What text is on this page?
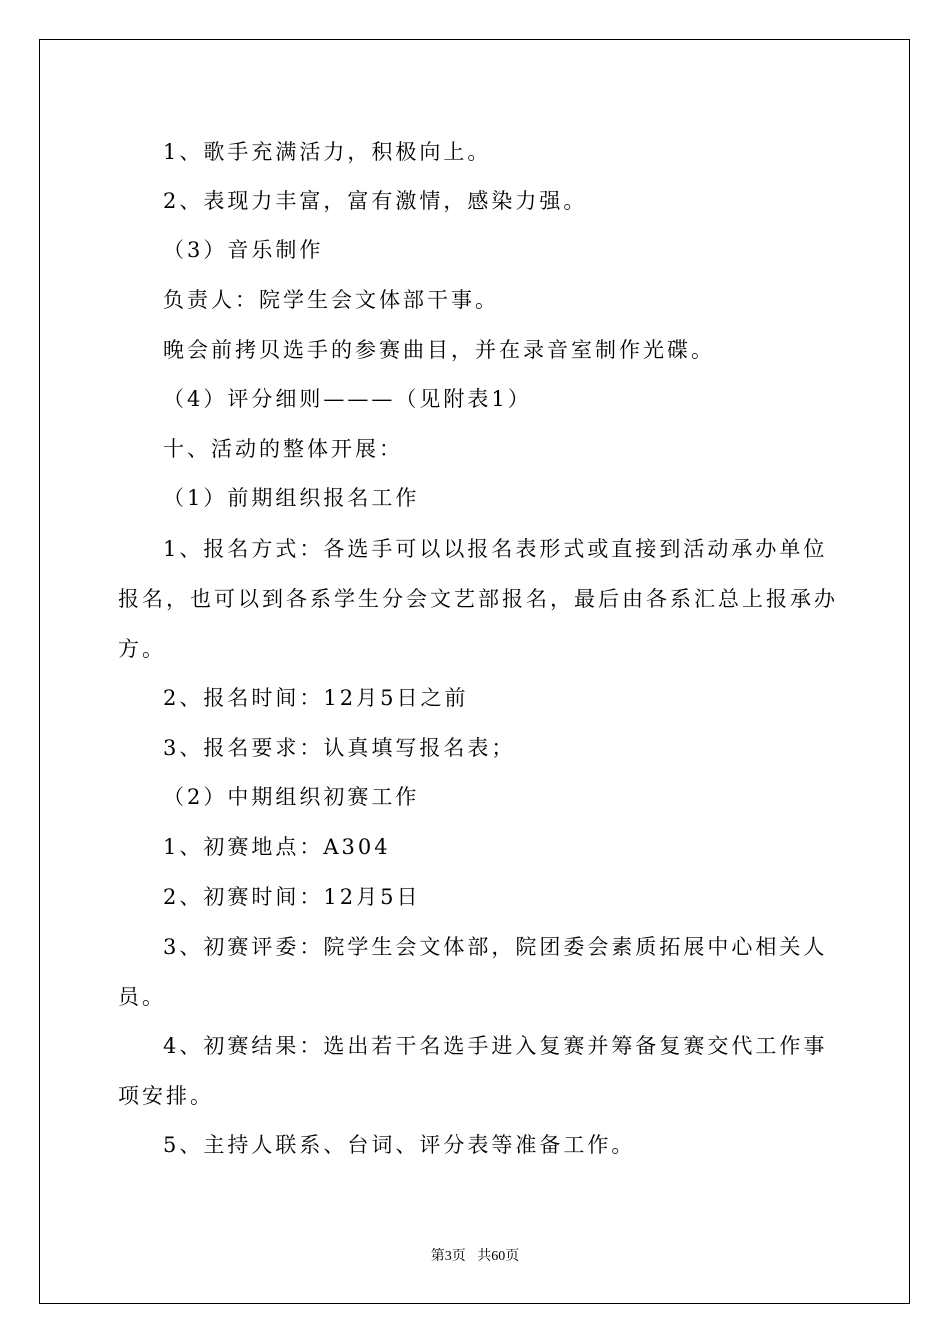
1、歌手充满活力，积极向上。
2、表现力丰富，富有激情，感染力强。
（3）音乐制作
负责人：院学生会文体部干事。
晚会前拷贝选手的参赛曲目，并在录音室制作光碟。
（4）评分细则———（见附表1）
十、活动的整体开展：
（1）前期组织报名工作
1、报名方式：各选手可以以报名表形式或直接到活动承办单位
报名，也可以到各系学生分会文艺部报名，最后由各系汇总上报承办
方。
2、报名时间：12月5日之前
3、报名要求：认真填写报名表；
（2）中期组织初赛工作
1、初赛地点：A304
2、初赛时间：12月5日
3、初赛评委：院学生会文体部，院团委会素质拓展中心相关人
员。
4、初赛结果：选出若干名选手进入复赛并筹备复赛交代工作事
项安排。
5、主持人联系、台词、评分表等准备工作。
第3页 共60页
